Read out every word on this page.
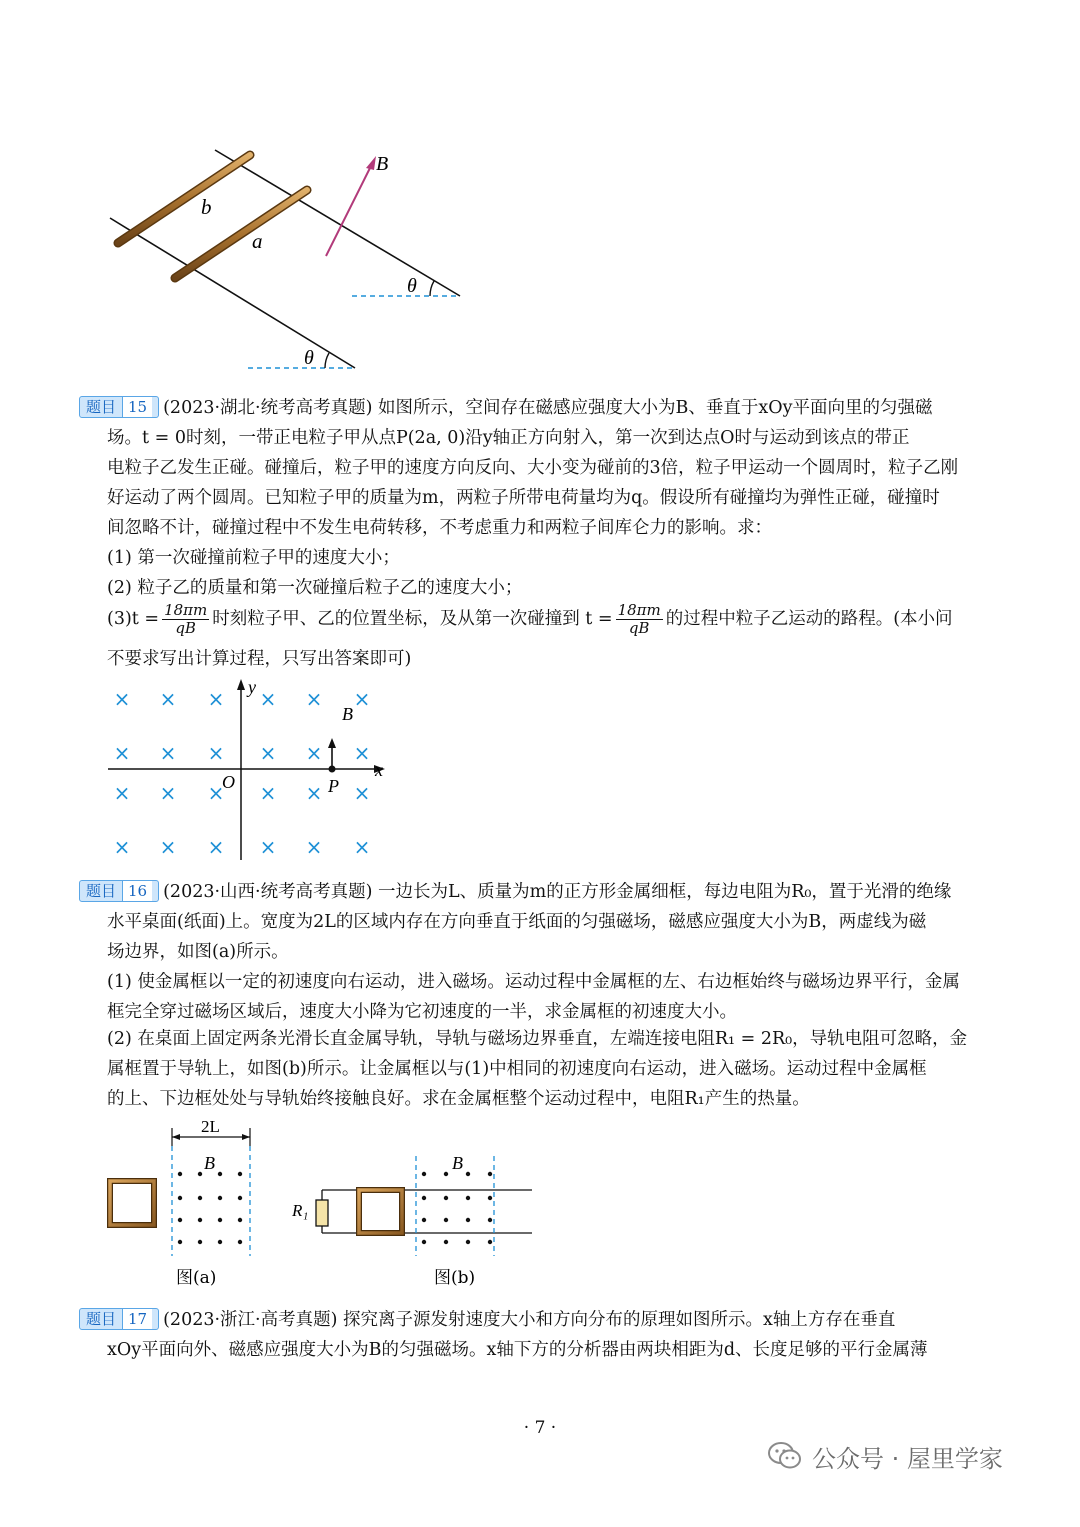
B
b
a
θ
θ
题目 15 (2023·湖北·统考高考真题) 如图所示，空间存在磁感应强度大小为B、垂直于xOy平面向里的匀强磁
场。t = 0时刻，一带正电粒子甲从点P(2a, 0)沿y轴正方向射入，第一次到达点O时与运动到该点的带正
电粒子乙发生正碰。碰撞后，粒子甲的速度方向反向、大小变为碰前的3倍，粒子甲运动一个圆周时，粒子乙刚
好运动了两个圆周。已知粒子甲的质量为m，两粒子所带电荷量均为q。假设所有碰撞均为弹性正碰，碰撞时
间忽略不计，碰撞过程中不发生电荷转移，不考虑重力和两粒子间库仑力的影响。求：
(1) 第一次碰撞前粒子甲的速度大小；
(2) 粒子乙的质量和第一次碰撞后粒子乙的速度大小；
$(3)t = \frac{18\pi m}{qB}$ 时刻粒子甲、乙的位置坐标，及从第一次碰撞到 $t = \frac{18\pi m}{qB}$ 的过程中粒子乙运动的路程。(本小问
不要求写出计算过程，只写出答案即可)
× × × × × ×
× × × × × ×
× × × × × ×
× × × × × ×
x
y
O	P
B
题目 16 (2023·山西·统考高考真题) 一边长为L、质量为m的正方形金属细框，每边电阻为R₀，置于光滑的绝缘
水平桌面(纸面)上。宽度为2L的区域内存在方向垂直于纸面的匀强磁场，磁感应强度大小为B，两虚线为磁
场边界，如图(a)所示。
(1) 使金属框以一定的初速度向右运动，进入磁场。运动过程中金属框的左、右边框始终与磁场边界平行，金属
框完全穿过磁场区域后，速度大小降为它初速度的一半，求金属框的初速度大小。
(2) 在桌面上固定两条光滑长直金属导轨，导轨与磁场边界垂直，左端连接电阻R₁ = 2R₀，导轨电阻可忽略，金
属框置于导轨上，如图(b)所示。让金属框以与(1)中相同的初速度向右运动，进入磁场。运动过程中金属框
的上、下边框处处与导轨始终接触良好。求在金属框整个运动过程中，电阻R₁产生的热量。
2L
B
图(a)
R₁
B
图(b)
题目 17 (2023·浙江·高考真题) 探究离子源发射速度大小和方向分布的原理如图所示。x轴上方存在垂直
xOy平面向外、磁感应强度大小为B的匀强磁场。x轴下方的分析器由两块相距为d、长度足够的平行金属薄
· 7 ·
公众号 · 屋里学家
